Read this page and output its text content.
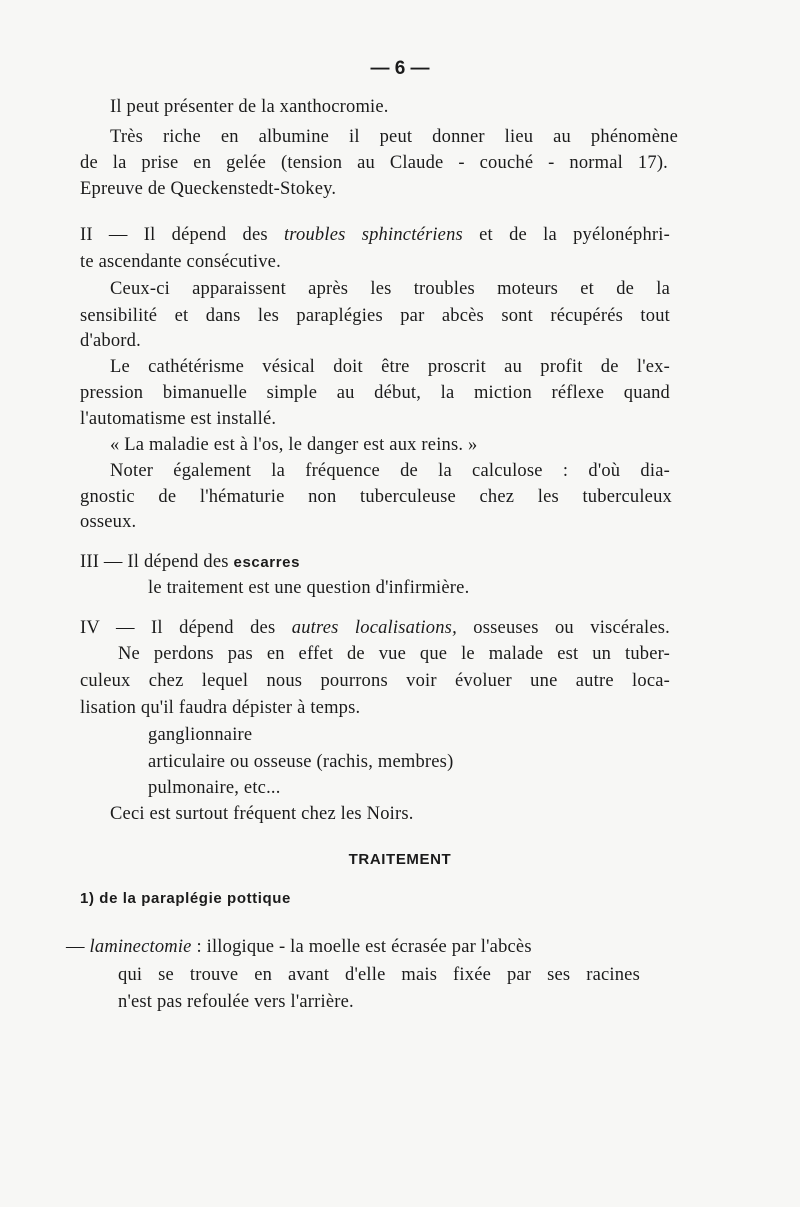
— 6 —
Il peut présenter de la xanthocromie.
Très riche en albumine il peut donner lieu au phénomène
de la prise en gelée (tension au Claude - couché - normal 17).
Epreuve de Queckenstedt-Stokey.
II — Il dépend des troubles sphinctériens et de la pyélonéphri-
te ascendante consécutive.
Ceux-ci apparaissent après les troubles moteurs et de la
sensibilité et dans les paraplégies par abcès sont récupérés tout
d'abord.
Le cathétérisme vésical doit être proscrit au profit de l'ex-
pression bimanuelle simple au début, la miction réflexe quand
l'automatisme est installé.
« La maladie est à l'os, le danger est aux reins. »
Noter également la fréquence de la calculose : d'où dia-
gnostic de l'hématurie non tuberculeuse chez les tuberculeux
osseux.
III — Il dépend des escarres
le traitement est une question d'infirmière.
IV — Il dépend des autres localisations, osseuses ou viscérales.
Ne perdons pas en effet de vue que le malade est un tuber-
culeux chez lequel nous pourrons voir évoluer une autre loca-
lisation qu'il faudra dépister à temps.
ganglionnaire
articulaire ou osseuse (rachis, membres)
pulmonaire, etc...
Ceci est surtout fréquent chez les Noirs.
TRAITEMENT
1) de la paraplégie pottique
— laminectomie : illogique - la moelle est écrasée par l'abcès
qui se trouve en avant d'elle mais fixée par ses racines
n'est pas refoulée vers l'arrière.
